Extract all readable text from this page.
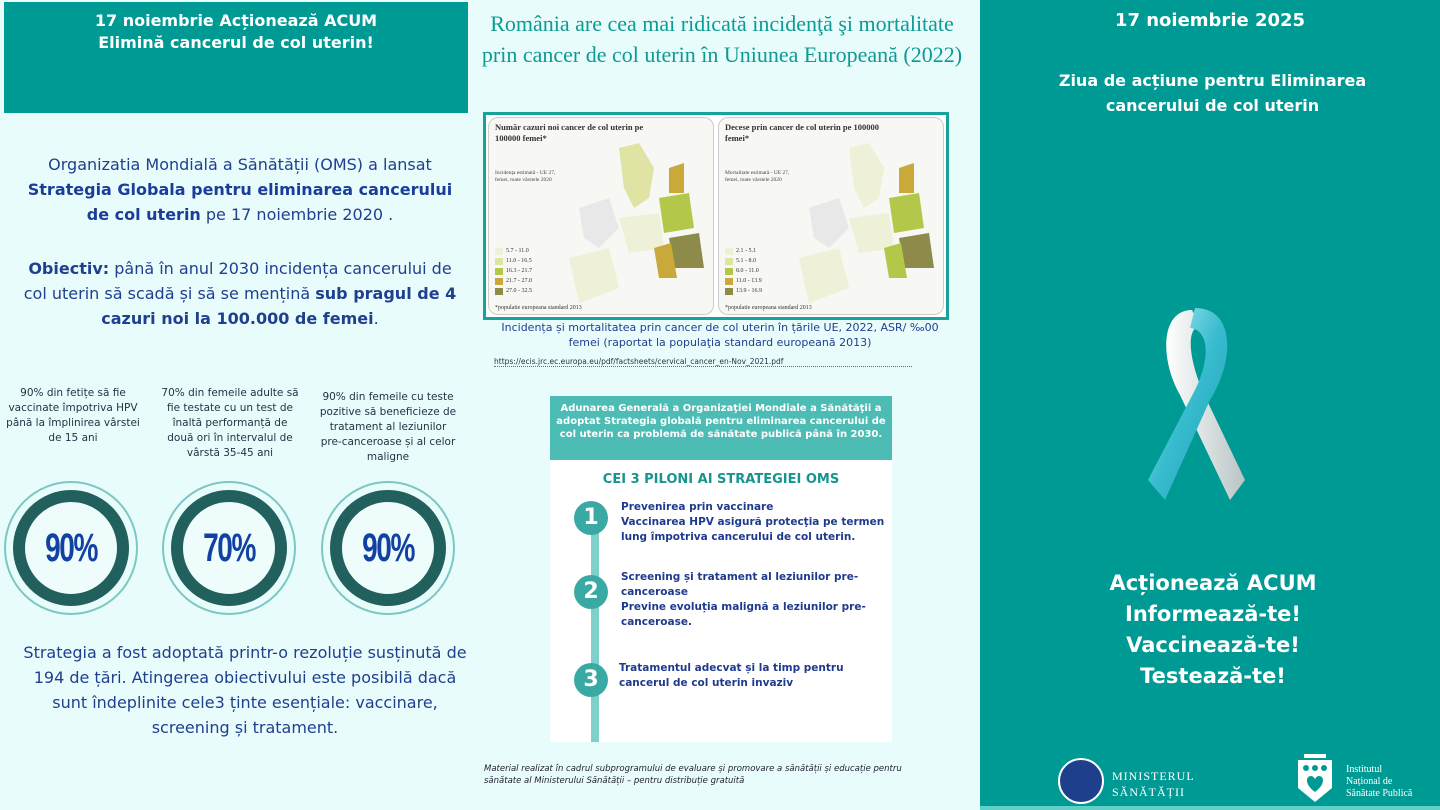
17 noiembrie Acționează ACUM
Elimină cancerul de col uterin!
Organizatia Mondială a Sănătății (OMS) a lansat Strategia Globala pentru eliminarea cancerului de col uterin pe 17 noiembrie 2020 .
Obiectiv: până în anul 2030 incidența cancerului de col uterin să scadă și să se mențină sub pragul de 4 cazuri noi la 100.000 de femei.
90% din fetițe să fie vaccinate împotriva HPV până la împlinirea vârstei de 15 ani
70% din femeile adulte să fie testate cu un test de înaltă performanță de două ori în intervalul de vârstă 35-45 ani
90% din femeile cu teste pozitive să beneficieze de tratament al leziunilor pre-canceroase și al celor maligne
90%	70%	90%
Strategia a fost adoptată printr-o rezoluție susținută de 194 de țări. Atingerea obiectivului este posibilă dacă sunt îndeplinite cele3 ținte esențiale: vaccinare, screening și tratament.
România are cea mai ridicată incidenţă şi mortalitate prin cancer de col uterin în Uniunea Europeană (2022)
Număr cazuri noi cancer de col uterin pe 100000 femei*
Incidența estimată - UE 27, femei, toate vârstele 2020
5.7 - 11.0
11.0 - 16.5
16.3 - 21.7
21.7 - 27.0
27.0 - 32.5
*populatie europeana standard 2013
Decese prin cancer de col uterin pe 100000 femei*
Mortalitate estimată - UE 27, femei, toate vârstele 2020
2.1 - 5.1
5.1 - 8.0
8.0 - 11.0
11.0 - 13.9
13.9 - 16.9
*populatie europeana standard 2013
Incidența și mortalitatea prin cancer de col uterin în țările UE, 2022, ASR/ ‰00 femei (raportat la populaţia standard europeană 2013)
https://ecis.jrc.ec.europa.eu/pdf/factsheets/cervical_cancer_en-Nov_2021.pdf
Adunarea Generală a Organizaţiei Mondiale a Sănătăţii a adoptat Strategia globală pentru eliminarea cancerului de col uterin ca problemă de sănătate publică până în 2030.
CEI 3 PILONI AI STRATEGIEI OMS
1
2
3
Prevenirea prin vaccinare
Vaccinarea HPV asigură protecţia pe termen lung împotriva cancerului de col uterin.
Screening și tratament al leziunilor pre-canceroase
Previne evoluția malignă a leziunilor pre-canceroase.
Tratamentul adecvat și la timp pentru cancerul de col uterin invaziv
Material realizat în cadrul subprogramului de evaluare și promovare a sănătății și educație pentru sănătate al Ministerului Sănătății – pentru distribuție gratuită
17 noiembrie 2025
Ziua de acțiune pentru Eliminarea cancerului de col uterin
Acționează ACUM
Informează-te!
Vaccinează-te!
Testează-te!
MINISTERUL
SĂNĂTĂȚII
Institutul
Național de
Sănătate Publică
